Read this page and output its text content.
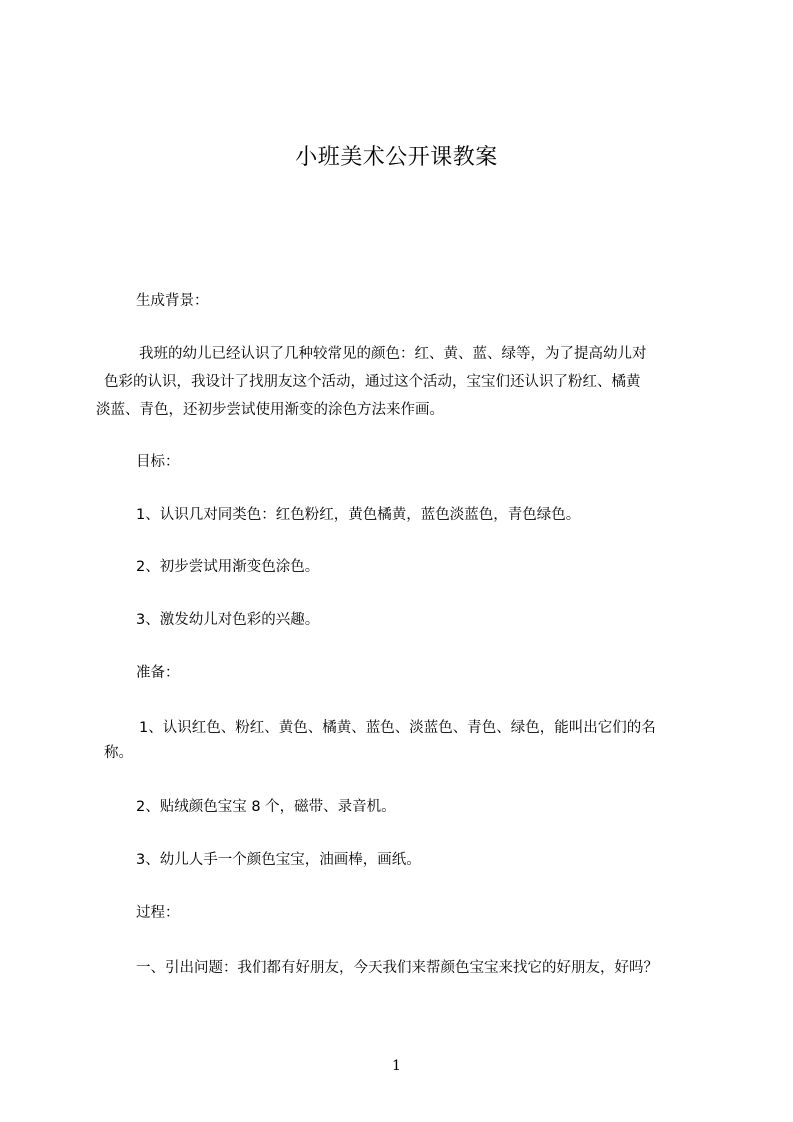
小班美术公开课教案
生成背景：
我班的幼儿已经认识了几种较常见的颜色：红、黄、蓝、绿等，为了提高幼儿对
色彩的认识，我设计了找朋友这个活动，通过这个活动，宝宝们还认识了粉红、橘黄
淡蓝、青色，还初步尝试使用渐变的涂色方法来作画。
目标：
1、认识几对同类色：红色粉红，黄色橘黄，蓝色淡蓝色，青色绿色。
2、初步尝试用渐变色涂色。
3、激发幼儿对色彩的兴趣。
准备：
1、认识红色、粉红、黄色、橘黄、蓝色、淡蓝色、青色、绿色，能叫出它们的名
称。
2、贴绒颜色宝宝 8 个，磁带、录音机。
3、幼儿人手一个颜色宝宝，油画棒，画纸。
过程：
一、引出问题：我们都有好朋友，今天我们来帮颜色宝宝来找它的好朋友，好吗？
1
